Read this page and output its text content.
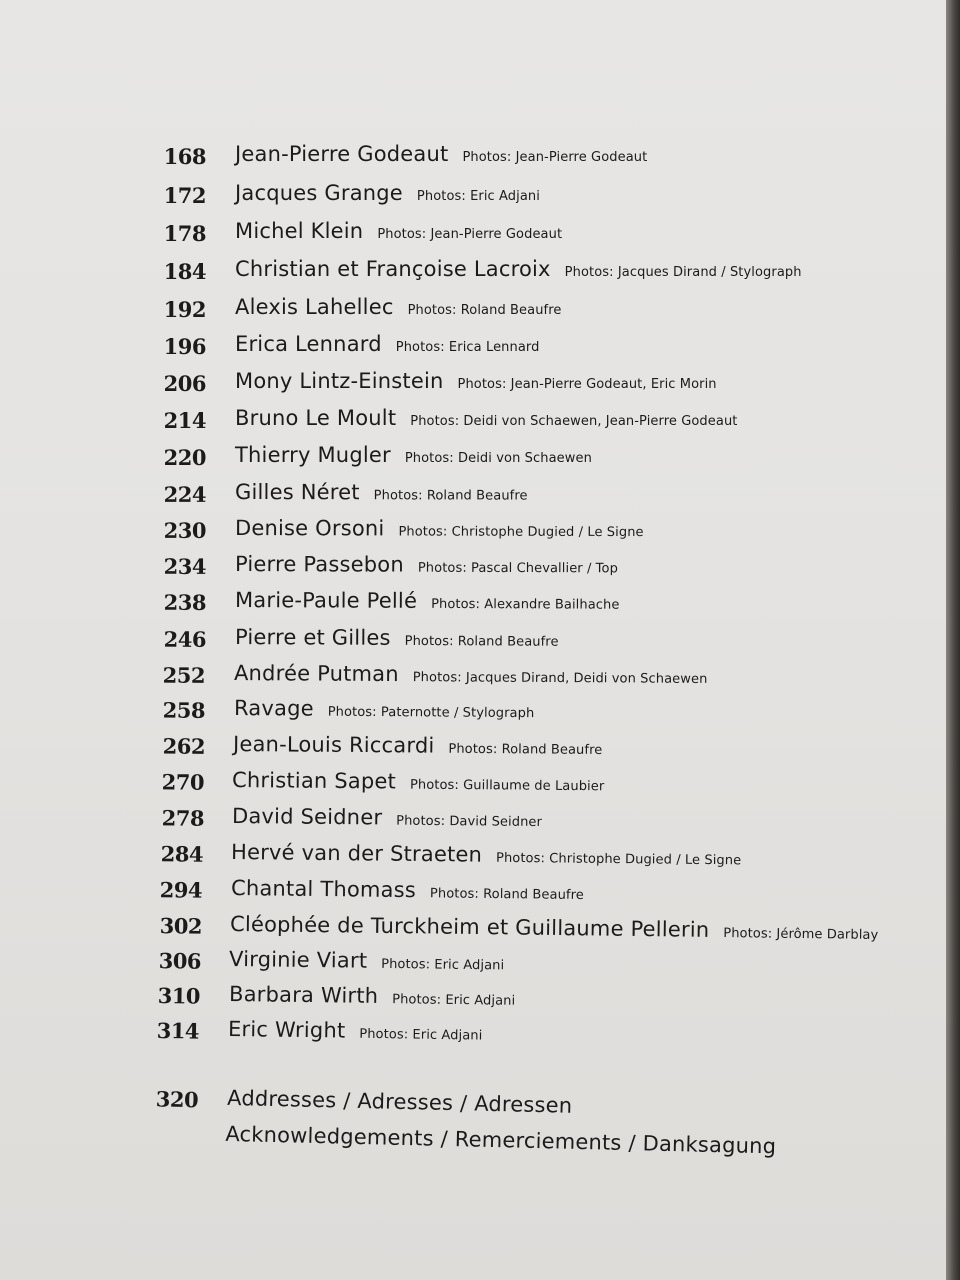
168 Jean-Pierre Godeaut Photos: Jean-Pierre Godeaut
172 Jacques Grange Photos: Eric Adjani
178 Michel Klein Photos: Jean-Pierre Godeaut
184 Christian et Françoise Lacroix Photos: Jacques Dirand / Stylograph
192 Alexis Lahellec Photos: Roland Beaufre
196 Erica Lennard Photos: Erica Lennard
206 Mony Lintz-Einstein Photos: Jean-Pierre Godeaut, Eric Morin
214 Bruno Le Moult Photos: Deidi von Schaewen, Jean-Pierre Godeaut
220 Thierry Mugler Photos: Deidi von Schaewen
224 Gilles Néret Photos: Roland Beaufre
230 Denise Orsoni Photos: Christophe Dugied / Le Signe
234 Pierre Passebon Photos: Pascal Chevallier / Top
238 Marie-Paule Pellé Photos: Alexandre Bailhache
246 Pierre et Gilles Photos: Roland Beaufre
252 Andrée Putman Photos: Jacques Dirand, Deidi von Schaewen
258 Ravage Photos: Paternotte / Stylograph
262 Jean-Louis Riccardi Photos: Roland Beaufre
270 Christian Sapet Photos: Guillaume de Laubier
278 David Seidner Photos: David Seidner
284 Hervé van der Straeten Photos: Christophe Dugied / Le Signe
294 Chantal Thomass Photos: Roland Beaufre
302 Cléophée de Turckheim et Guillaume Pellerin Photos: Jérôme Darblay
306 Virginie Viart Photos: Eric Adjani
310 Barbara Wirth Photos: Eric Adjani
314 Eric Wright Photos: Eric Adjani
320 Addresses / Adresses / Adressen
Acknowledgements / Remerciements / Danksagung
